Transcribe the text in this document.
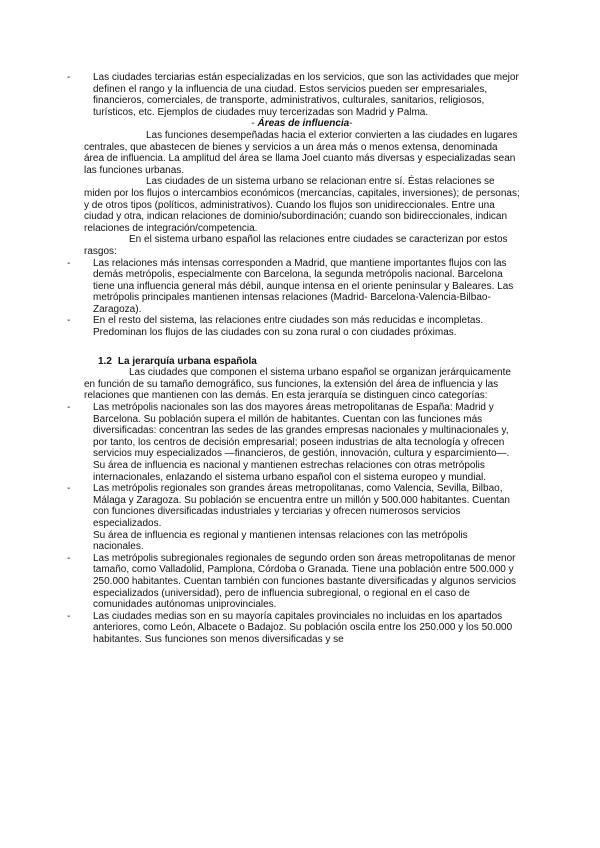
- Las ciudades terciarias están especializadas en los servicios, que son las actividades que mejor definen el rango y la influencia de una ciudad. Estos servicios pueden ser empresariales, financieros, comerciales, de transporte, administrativos, culturales, sanitarios, religiosos, turísticos, etc. Ejemplos de ciudades muy tercerizadas son Madrid y Palma.

- Áreas de influencia-

Las funciones desempeñadas hacia el exterior convierten a las ciudades en lugares centrales, que abastecen de bienes y servicios a un área más o menos extensa, denominada área de influencia. La amplitud del área se llama Joel cuanto más diversas y especializadas sean las funciones urbanas.

Las ciudades de un sistema urbano se relacionan entre sí. Éstas relaciones se miden por los flujos o intercambios económicos (mercancías, capitales, inversiones); de personas; y de otros tipos (políticos, administrativos). Cuando los flujos son unidireccionales. Entre una ciudad y otra, indican relaciones de dominio/subordinación; cuando son bidireccionales, indican relaciones de integración/competencia.

En el sistema urbano español las relaciones entre ciudades se caracterizan por estos rasgos:

- Las relaciones más intensas corresponden a Madrid, que mantiene importantes flujos con las demás metrópolis, especialmente con Barcelona, la segunda metrópolis nacional. Barcelona tiene una influencia general más débil, aunque intensa en el oriente peninsular y Baleares. Las metrópolis principales mantienen intensas relaciones (Madrid- Barcelona-Valencia-Bilbao-Zaragoza).

- En el resto del sistema, las relaciones entre ciudades son más reducidas e incompletas. Predominan los flujos de las ciudades con su zona rural o con ciudades próximas.

1.2 La jerarquía urbana española

Las ciudades que componen el sistema urbano español se organizan jerárquicamente en función de su tamaño demográfico, sus funciones, la extensión del área de influencia y las relaciones que mantienen con las demás. En esta jerarquía se distinguen cinco categorías:

- Las metrópolis nacionales son las dos mayores áreas metropolitanas de España: Madrid y Barcelona. Su población supera el millón de habitantes. Cuentan con las funciones más diversificadas: concentran las sedes de las grandes empresas nacionales y multinacionales y, por tanto, los centros de decisión empresarial; poseen industrias de alta tecnología y ofrecen servicios muy especializados —financieros, de gestión, innovación, cultura y esparcimiento—. Su área de influencia es nacional y mantienen estrechas relaciones con otras metrópolis internacionales, enlazando el sistema urbano español con el sistema europeo y mundial.

- Las metrópolis regionales son grandes áreas metropolitanas, como Valencia, Sevilla, Bilbao, Málaga y Zaragoza. Su población se encuentra entre un millón y 500.000 habitantes. Cuentan con funciones diversificadas industriales y terciarias y ofrecen numerosos servicios especializados.
Su área de influencia es regional y mantienen intensas relaciones con las metrópolis nacionales.

- Las metrópolis subregionales regionales de segundo orden son áreas metropolitanas de menor tamaño, como Valladolid, Pamplona, Córdoba o Granada. Tiene una población entre 500.000 y 250.000 habitantes. Cuentan también con funciones bastante diversificadas y algunos servicios especializados (universidad), pero de influencia subregional, o regional en el caso de comunidades autónomas uniprovinciales.

- Las ciudades medias son en su mayoría capitales provinciales no incluidas en los apartados anteriores, como León, Albacete o Badajoz. Su población oscila entre los 250.000 y los 50.000 habitantes. Sus funciones son menos diversificadas y se
